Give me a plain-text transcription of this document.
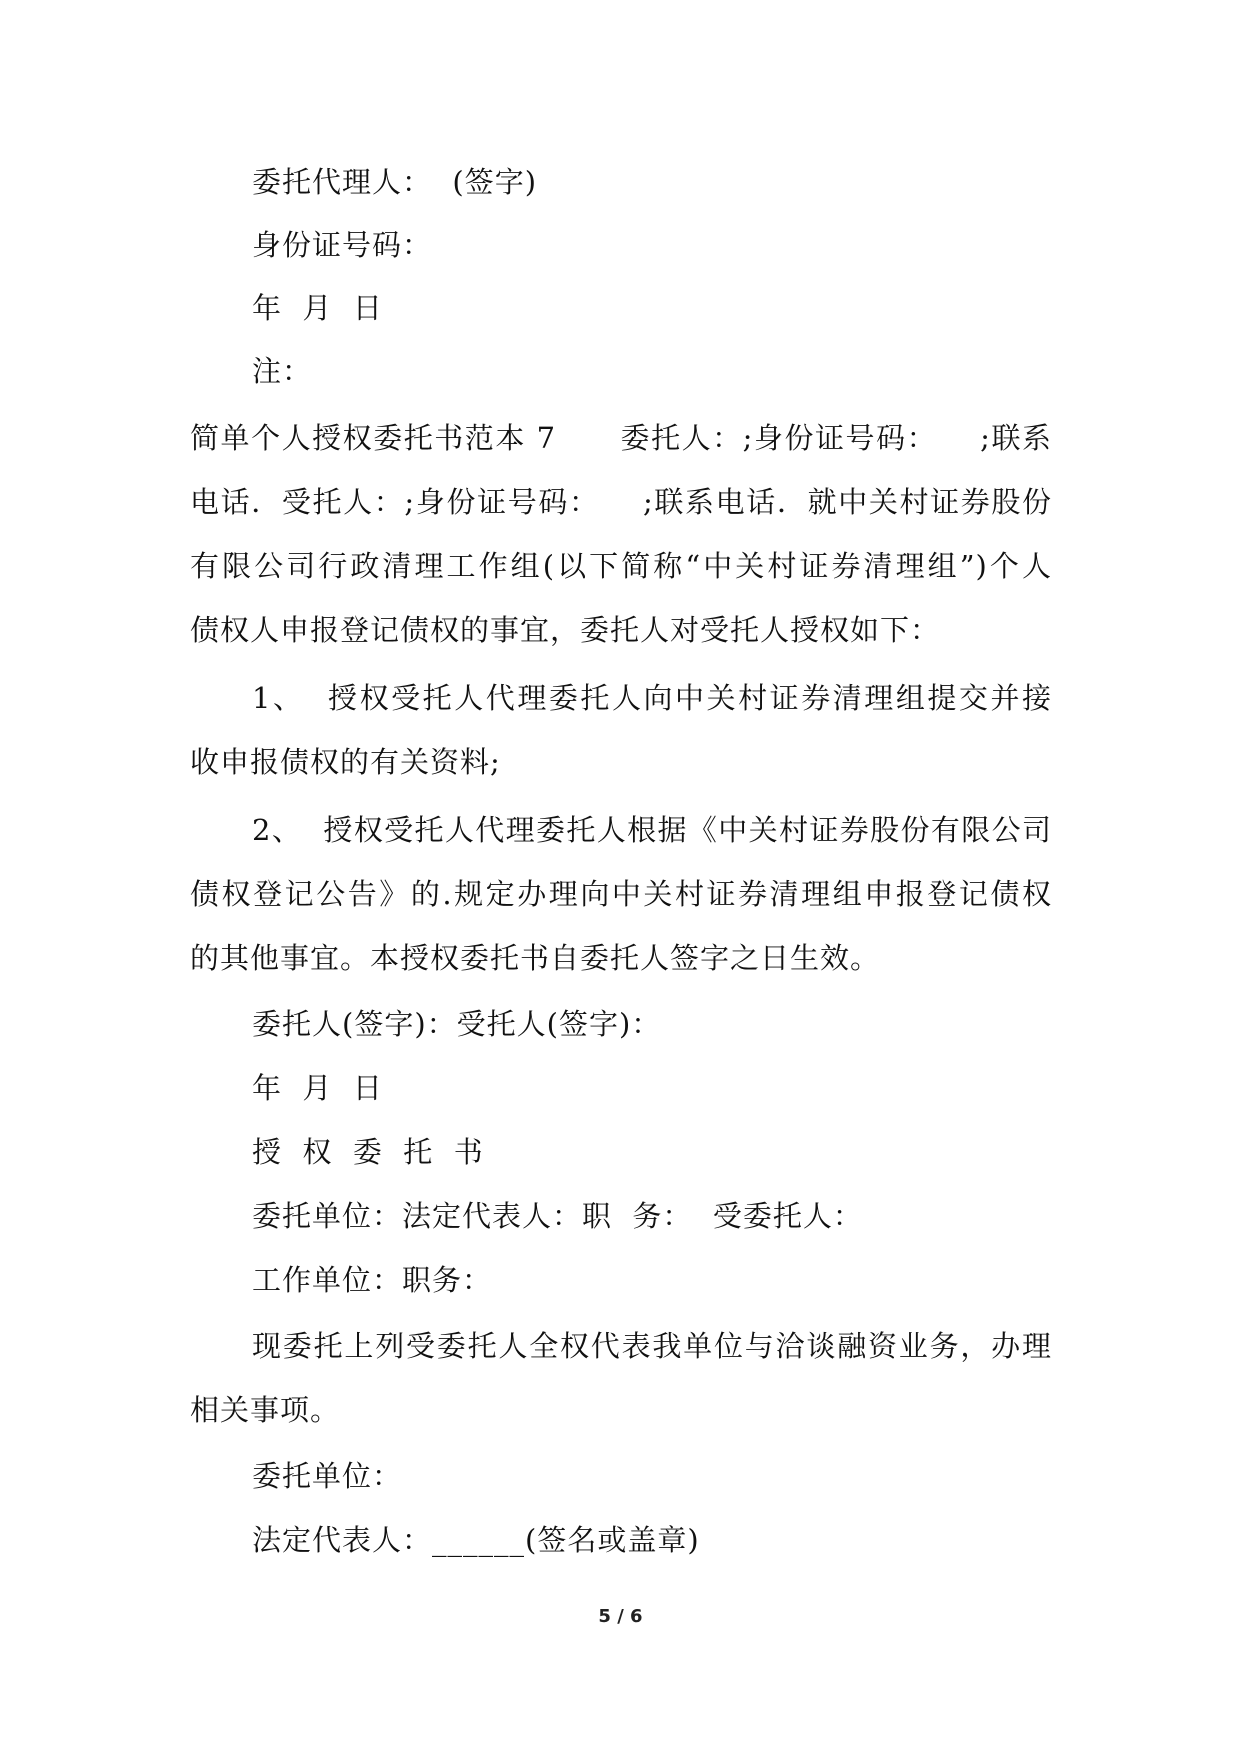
委托代理人：  (签字)
身份证号码：
年  月  日
注：
简单个人授权委托书范本 7      委托人：;身份证号码：    ;联系
电话．受托人：;身份证号码：    ;联系电话．就中关村证券股份
有限公司行政清理工作组(以下简称“中关村证券清理组”)个人
债权人申报登记债权的事宜，委托人对受托人授权如下：
1、  授权受托人代理委托人向中关村证券清理组提交并接
收申报债权的有关资料;
2、  授权受托人代理委托人根据《中关村证券股份有限公司
债权登记公告》的.规定办理向中关村证券清理组申报登记债权
的其他事宜。本授权委托书自委托人签字之日生效。
委托人(签字)：受托人(签字)：
年  月  日
授  权  委  托  书
委托单位：法定代表人：职  务：  受委托人：
工作单位：职务：
现委托上列受委托人全权代表我单位与洽谈融资业务，办理
相关事项。
委托单位：
法定代表人：______(签名或盖章)
5 / 6
